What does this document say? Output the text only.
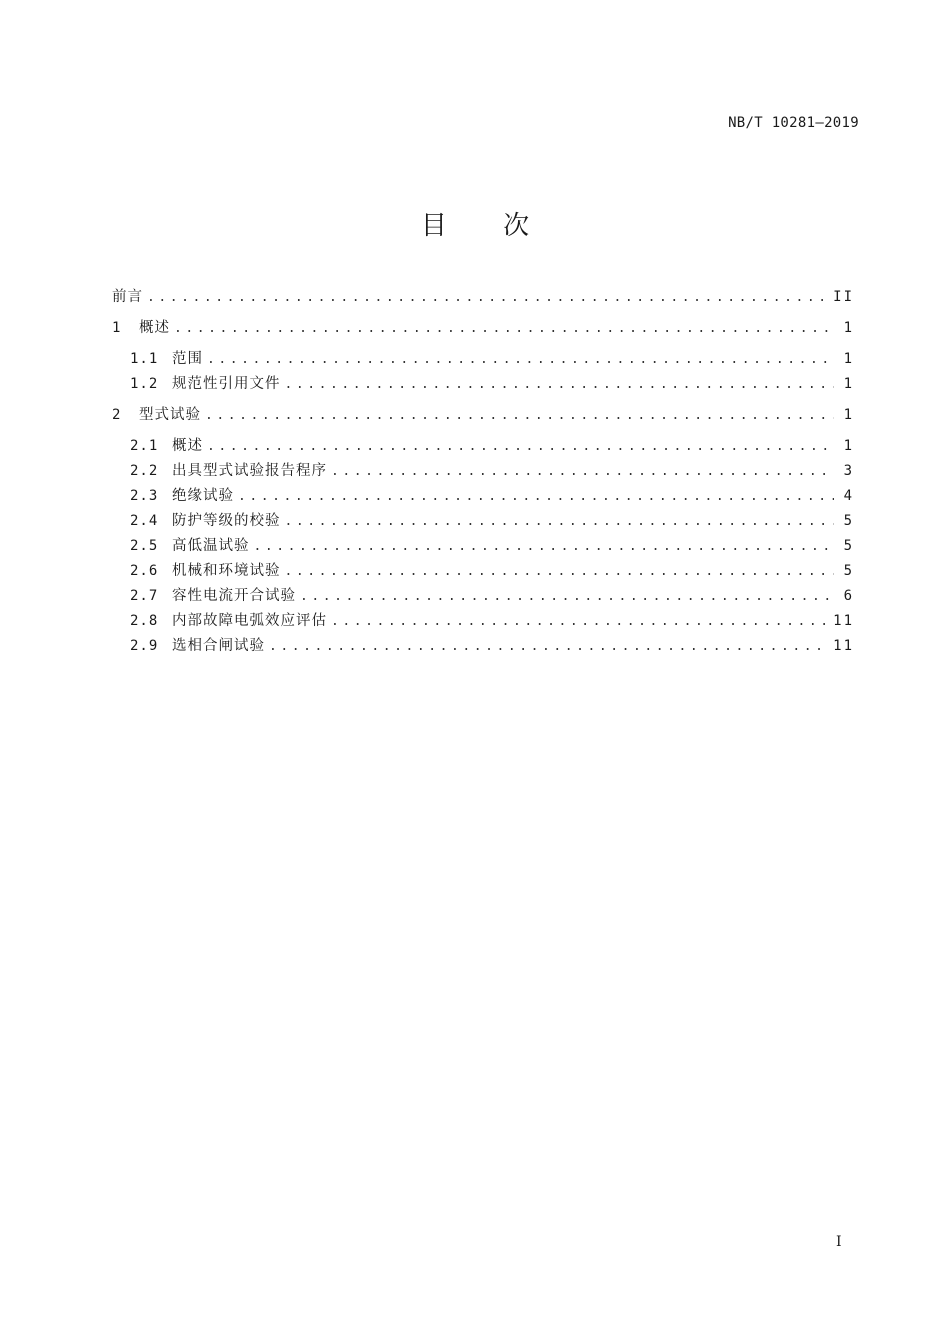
NB/T 10281—2019
目 次
前言 .....	II
1	概述 .....	1
1.1 范围 .....	1
1.2 规范性引用文件 .....	1
2	型式试验 .....	1
2.1 概述 .....	1
2.2 出具型式试验报告程序 .....	3
2.3 绝缘试验 .....	4
2.4 防护等级的校验 .....	5
2.5 高低温试验 .....	5
2.6 机械和环境试验 .....	5
2.7 容性电流开合试验 .....	6
2.8 内部故障电弧效应评估 .....	11
2.9 选相合闸试验 .....	11
I
